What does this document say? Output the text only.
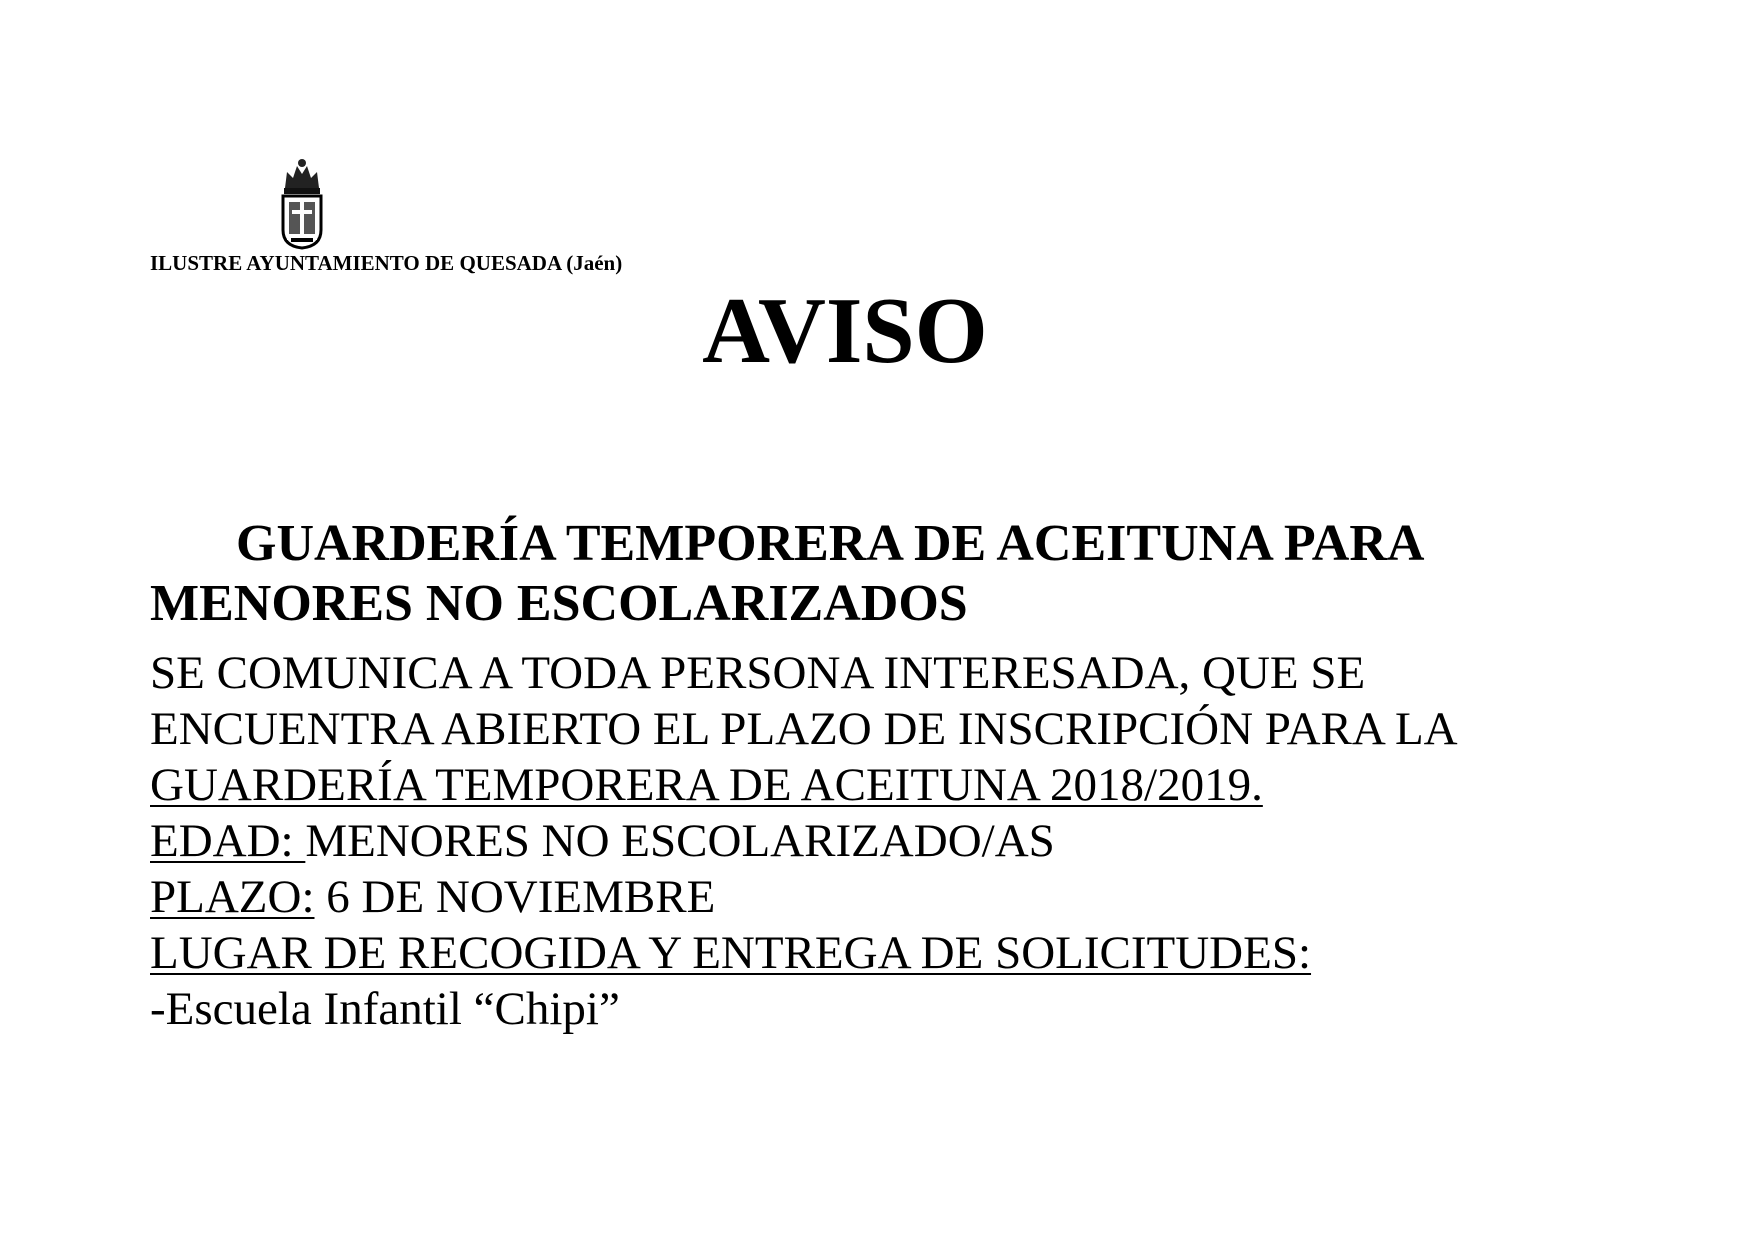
ILUSTRE AYUNTAMIENTO DE QUESADA (Jaén)
AVISO
GUARDERÍA TEMPORERA DE ACEITUNA PARA
MENORES NO ESCOLARIZADOS
SE COMUNICA A TODA PERSONA INTERESADA, QUE SE
ENCUENTRA ABIERTO EL PLAZO DE INSCRIPCIÓN PARA LA
GUARDERÍA TEMPORERA DE ACEITUNA 2018/2019.
EDAD: MENORES NO ESCOLARIZADO/AS
PLAZO: 6 DE NOVIEMBRE
LUGAR DE RECOGIDA Y ENTREGA DE SOLICITUDES:
-Escuela Infantil “Chipi”
